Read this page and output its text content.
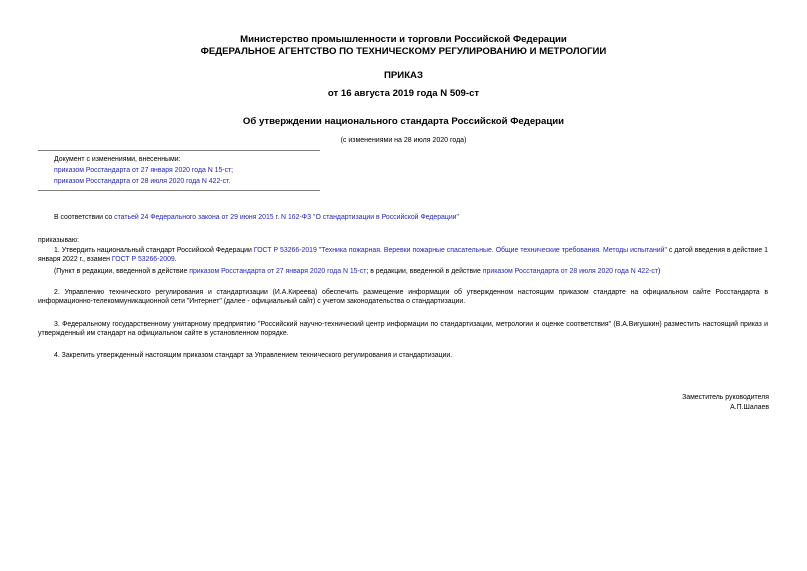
Министерство промышленности и торговли Российской Федерации
ФЕДЕРАЛЬНОЕ АГЕНТСТВО ПО ТЕХНИЧЕСКОМУ РЕГУЛИРОВАНИЮ И МЕТРОЛОГИИ
ПРИКАЗ
от 16 августа 2019 года N 509-ст
Об утверждении национального стандарта Российской Федерации
(с изменениями на 28 июля 2020 года)
Документ с изменениями, внесенными:
приказом Росстандарта от 27 января 2020 года N 15-ст;
приказом Росстандарта от 28 июля 2020 года N 422-ст.
В соответствии со статьей 24 Федерального закона от 29 июня 2015 г. N 162-ФЗ "О стандартизации в Российской Федерации"
приказываю:
1. Утвердить национальный стандарт Российской Федерации ГОСТ Р 53266-2019 "Техника пожарная. Веревки пожарные спасательные. Общие технические требования. Методы испытаний" с датой введения в действие 1 января 2022 г., взамен ГОСТ Р 53266-2009.
(Пункт в редакции, введенной в действие приказом Росстандарта от 27 января 2020 года N 15-ст; в редакции, введенной в действие приказом Росстандарта от 28 июля 2020 года N 422-ст)
2. Управлению технического регулирования и стандартизации (И.А.Киреева) обеспечить размещение информации об утвержденном настоящим приказом стандарте на официальном сайте Росстандарта в информационно-телекоммуникационной сети "Интернет" (далее - официальный сайт) с учетом законодательства о стандартизации.
3. Федеральному государственному унитарному предприятию "Российский научно-технический центр информации по стандартизации, метрологии и оценке соответствия" (В.А.Вигушкин) разместить настоящий приказ и утвержденный им стандарт на официальном сайте в установленном порядке.
4. Закрепить утвержденный настоящим приказом стандарт за Управлением технического регулирования и стандартизации.
Заместитель руководителя
А.П.Шалаев
